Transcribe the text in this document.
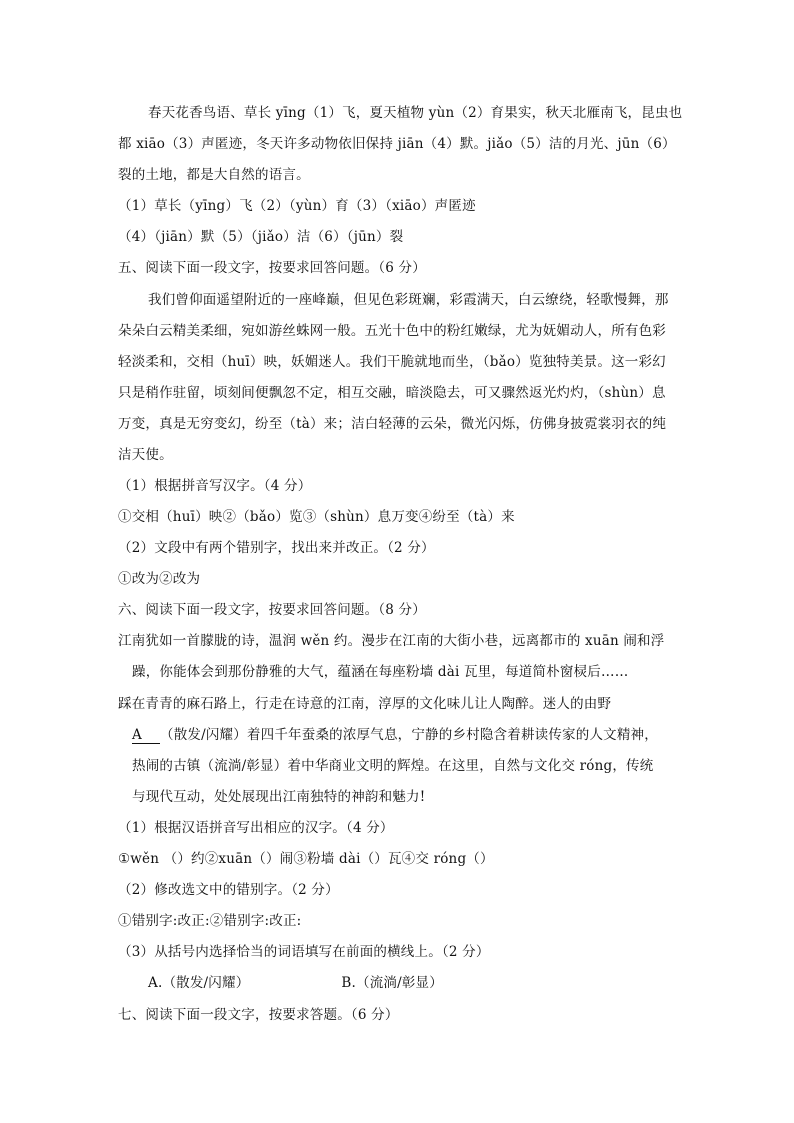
春天花香鸟语、草长 yīng（1）飞，夏天植物 yùn（2）育果实，秋天北雁南飞，昆虫也
都 xiāo（3）声匿迹，冬天许多动物依旧保持 jiān（4）默。jiǎo（5）洁的月光、jūn（6）
裂的土地，都是大自然的语言。
（1）草长（yīng）飞（2）（yùn）育（3）（xiāo）声匿迹
（4）（jiān）默（5）（jiǎo）洁（6）（jūn）裂
五、阅读下面一段文字，按要求回答问题。（6 分）
我们曾仰面遥望附近的一座峰巅，但见色彩斑斓，彩霞满天，白云缭绕，轻歌慢舞，那
朵朵白云精美柔细，宛如游丝蛛网一般。五光十色中的粉红嫩绿，尤为妩媚动人，所有色彩
轻淡柔和，交相（huī）映，妖媚迷人。我们干脆就地而坐，（bǎo）览独特美景。这一彩幻
只是稍作驻留，顷刻间便飘忽不定，相互交融，暗淡隐去，可又骤然返光灼灼，（shùn）息
万变，真是无穷变幻，纷至（tà）来；洁白轻薄的云朵，微光闪烁，仿佛身披霓裳羽衣的纯
洁天使。
（1）根据拼音写汉字。（4 分）
①交相（huī）映②（bǎo）览③（shùn）息万变④纷至（tà）来
（2）文段中有两个错别字，找出来并改正。（2 分）
①改为②改为
六、阅读下面一段文字，按要求回答问题。（8 分）
江南犹如一首朦胧的诗，温润 wěn 约。漫步在江南的大街小巷，远离都市的 xuān 闹和浮
躁，你能体会到那份静雅的大气，蕴涵在每座粉墙 dài 瓦里，每道简朴窗棂后……
踩在青青的麻石路上，行走在诗意的江南，淳厚的文化味儿让人陶醉。迷人的由野
A （散发/闪耀）着四千年蚕桑的浓厚气息，宁静的乡村隐含着耕读传家的人文精神，
热闹的古镇（流淌/彰显）着中华商业文明的辉煌。在这里，自然与文化交 róng，传统
与现代互动，处处展现出江南独特的神韵和魅力!
（1）根据汉语拼音写出相应的汉字。（4 分）
①wěn （）约②xuān（）闹③粉墙 dài（）瓦④交 róng（）
（2）修改选文中的错别字。（2 分）
①错别字:改正:②错别字:改正:
（3）从括号内选择恰当的词语填写在前面的横线上。（2 分）
A.（散发/闪耀）	B.（流淌/彰显）
七、阅读下面一段文字，按要求答题。（6 分）
